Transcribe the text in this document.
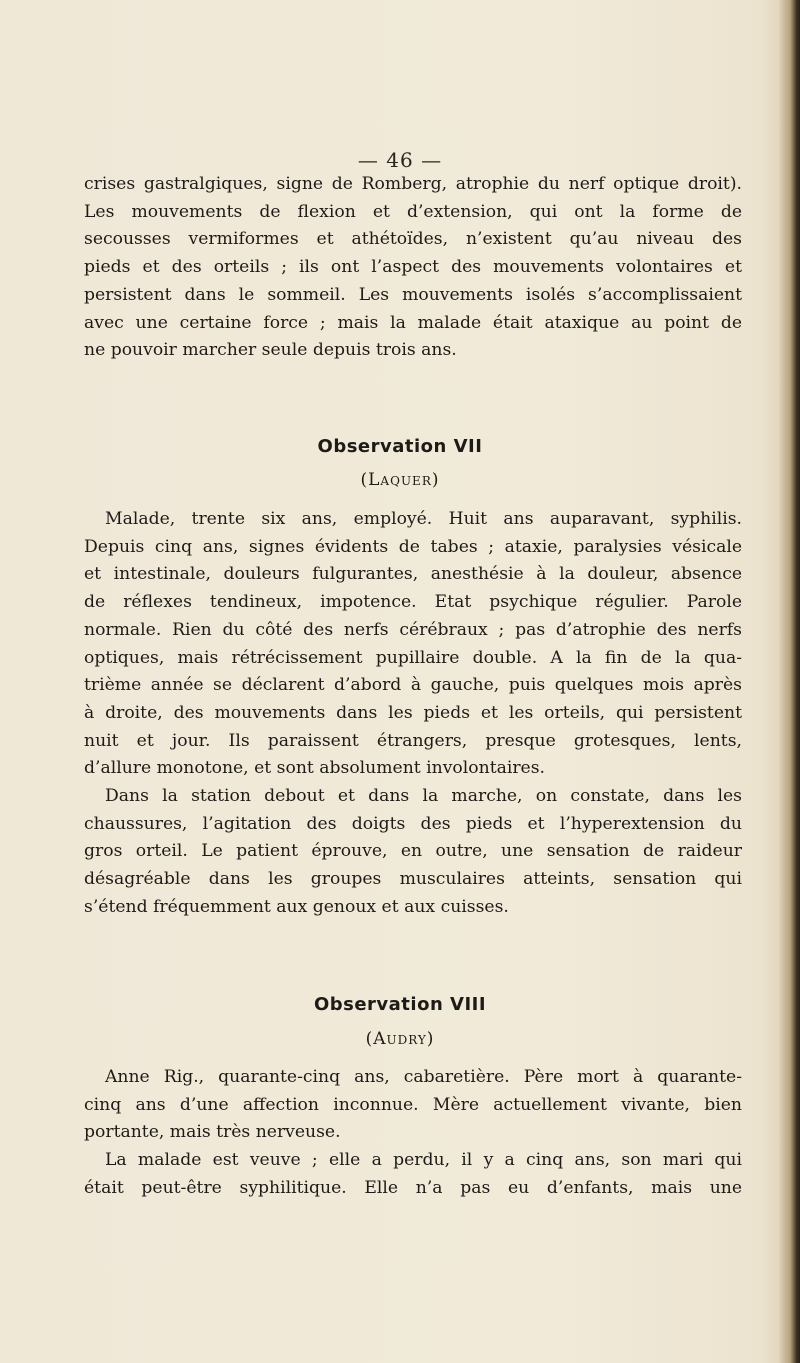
— 46 —
crises gastralgiques, signe de Romberg, atrophie du nerf optique droit).
Les mouvements de flexion et d’extension, qui ont la forme de
secousses vermiformes et athétoïdes, n’existent qu’au niveau des
pieds et des orteils ; ils ont l’aspect des mouvements volontaires et
persistent dans le sommeil. Les mouvements isolés s’accomplissaient
avec une certaine force ; mais la malade était ataxique au point de
ne pouvoir marcher seule depuis trois ans.
Observation VII
(Laquer)
Malade, trente six ans, employé. Huit ans auparavant, syphilis.
Depuis cinq ans, signes évidents de tabes ; ataxie, paralysies vésicale
et intestinale, douleurs fulgurantes, anesthésie à la douleur, absence
de réflexes tendineux, impotence. Etat psychique régulier. Parole
normale. Rien du côté des nerfs cérébraux ; pas d’atrophie des nerfs
optiques, mais rétrécissement pupillaire double. A la fin de la qua-
trième année se déclarent d’abord à gauche, puis quelques mois après
à droite, des mouvements dans les pieds et les orteils, qui persistent
nuit et jour. Ils paraissent étrangers, presque grotesques, lents,
d’allure monotone, et sont absolument involontaires.
Dans la station debout et dans la marche, on constate, dans les
chaussures, l’agitation des doigts des pieds et l’hyperextension du
gros orteil. Le patient éprouve, en outre, une sensation de raideur
désagréable dans les groupes musculaires atteints, sensation qui
s’étend fréquemment aux genoux et aux cuisses.
Observation VIII
(Audry)
Anne Rig., quarante-cinq ans, cabaretière. Père mort à quarante-
cinq ans d’une affection inconnue. Mère actuellement vivante, bien
portante, mais très nerveuse.
La malade est veuve ; elle a perdu, il y a cinq ans, son mari qui
était peut-être syphilitique. Elle n’a pas eu d’enfants, mais une
